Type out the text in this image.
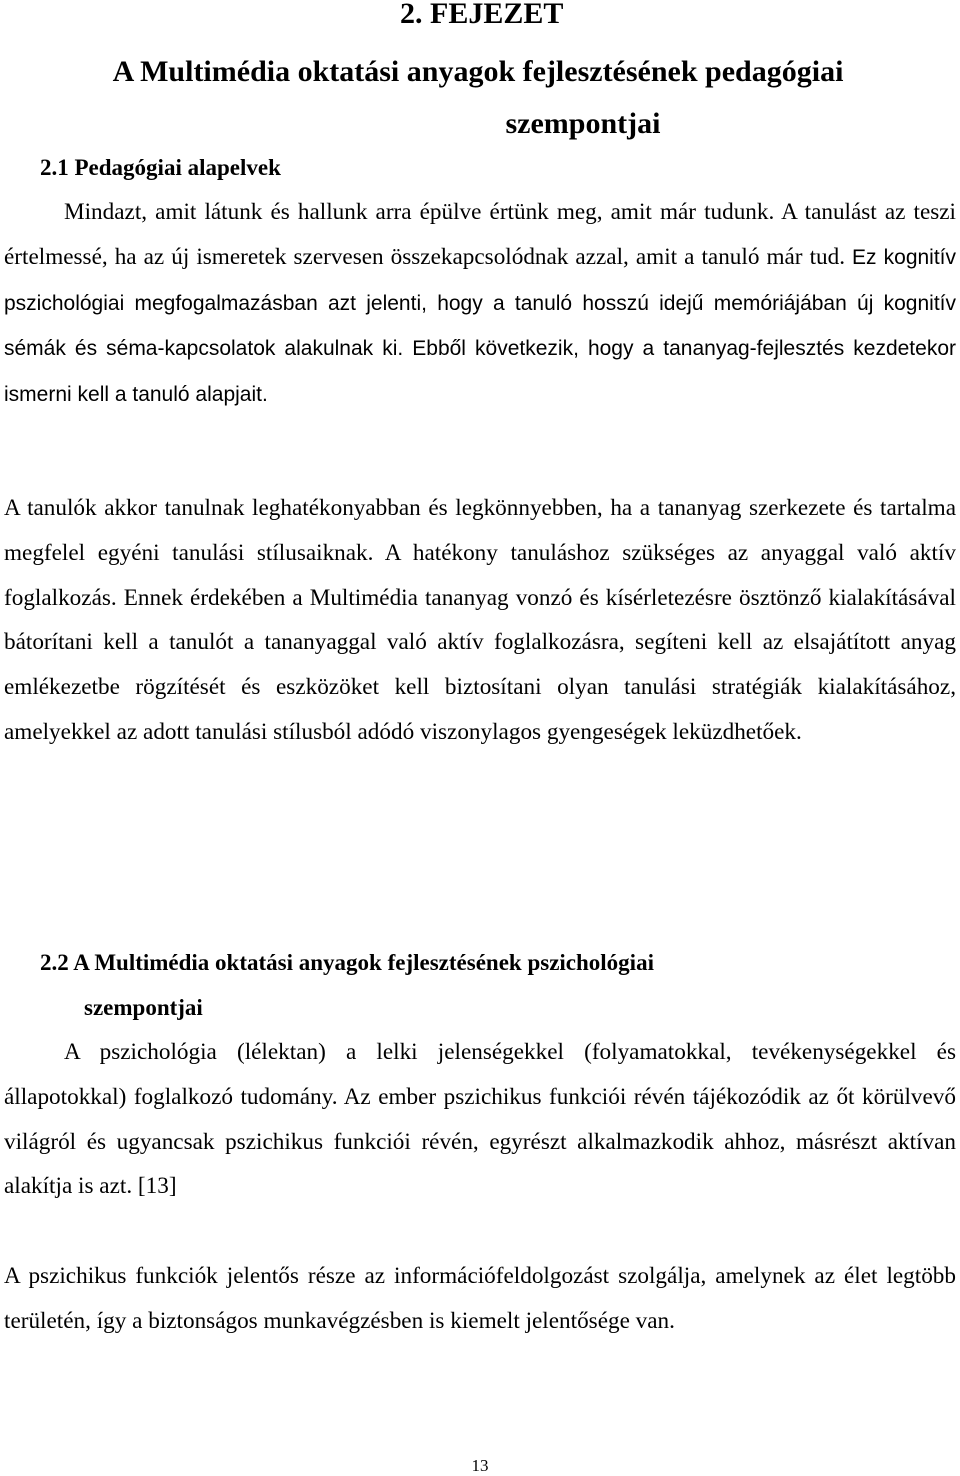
2. FEJEZET
A Multimédia oktatási anyagok fejlesztésének pedagógiai
szempontjai
2.1 Pedagógiai alapelvek

Mindazt, amit látunk és hallunk arra épülve értünk meg, amit már tudunk. A tanulást az teszi értelmessé, ha az új ismeretek szervesen összekapcsolódnak azzal, amit a tanuló már tud. Ez kognitív pszichológiai megfogalmazásban azt jelenti, hogy a tanuló hosszú idejű memóriájában új kognitív sémák és séma-kapcsolatok alakulnak ki. Ebből következik, hogy a tananyag-fejlesztés kezdetekor ismerni kell a tanuló alapjait.

A tanulók akkor tanulnak leghatékonyabban és legkönnyebben, ha a tananyag szerkezete és tartalma megfelel egyéni tanulási stílusaiknak. A hatékony tanuláshoz szükséges az anyaggal való aktív foglalkozás. Ennek érdekében a Multimédia tananyag vonzó és kísérletezésre ösztönző kialakításával bátorítani kell a tanulót a tananyaggal való aktív foglalkozásra, segíteni kell az elsajátított anyag emlékezetbe rögzítését és eszközöket kell biztosítani olyan tanulási stratégiák kialakításához, amelyekkel az adott tanulási stílusból adódó viszonylagos gyengeségek leküzdhetőek.

2.2 A Multimédia oktatási anyagok fejlesztésének pszichológiai
szempontjai

A pszichológia (lélektan) a lelki jelenségekkel (folyamatokkal, tevékenységekkel és állapotokkal) foglalkozó tudomány. Az ember pszichikus funkciói révén tájékozódik az őt körülvevő világról és ugyancsak pszichikus funkciói révén, egyrészt alkalmazkodik ahhoz, másrészt aktívan alakítja is azt. [13]

A pszichikus funkciók jelentős része az információfeldolgozást szolgálja, amelynek az élet legtöbb területén, így a biztonságos munkavégzésben is kiemelt jelentősége van.

13
